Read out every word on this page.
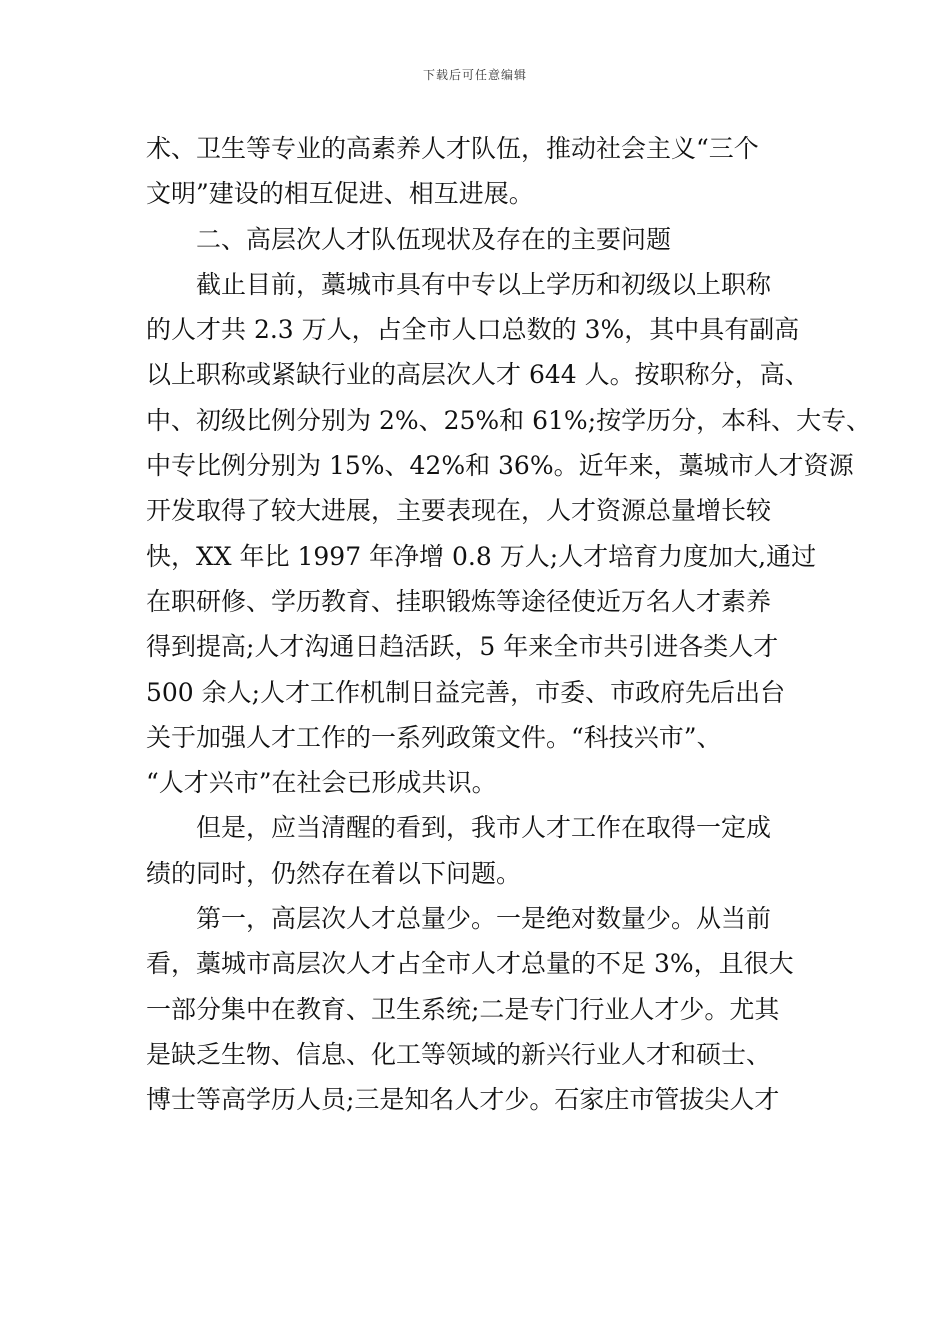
下载后可任意编辑
术、卫生等专业的高素养人才队伍，推动社会主义“三个
文明”建设的相互促进、相互进展。
二、高层次人才队伍现状及存在的主要问题
截止目前，藁城市具有中专以上学历和初级以上职称
的人才共 2.3 万人，占全市人口总数的 3%，其中具有副高
以上职称或紧缺行业的高层次人才 644 人。按职称分，高、
中、初级比例分别为 2%、25%和 61%;按学历分，本科、大专、
中专比例分别为 15%、42%和 36%。近年来，藁城市人才资源
开发取得了较大进展，主要表现在，人才资源总量增长较
快，XX 年比 1997 年净增 0.8 万人;人才培育力度加大,通过
在职研修、学历教育、挂职锻炼等途径使近万名人才素养
得到提高;人才沟通日趋活跃，5 年来全市共引进各类人才
500 余人;人才工作机制日益完善，市委、市政府先后出台
关于加强人才工作的一系列政策文件。“科技兴市”、
“人才兴市”在社会已形成共识。
但是，应当清醒的看到，我市人才工作在取得一定成
绩的同时，仍然存在着以下问题。
第一，高层次人才总量少。一是绝对数量少。从当前
看，藁城市高层次人才占全市人才总量的不足 3%，且很大
一部分集中在教育、卫生系统;二是专门行业人才少。尤其
是缺乏生物、信息、化工等领域的新兴行业人才和硕士、
博士等高学历人员;三是知名人才少。石家庄市管拔尖人才
